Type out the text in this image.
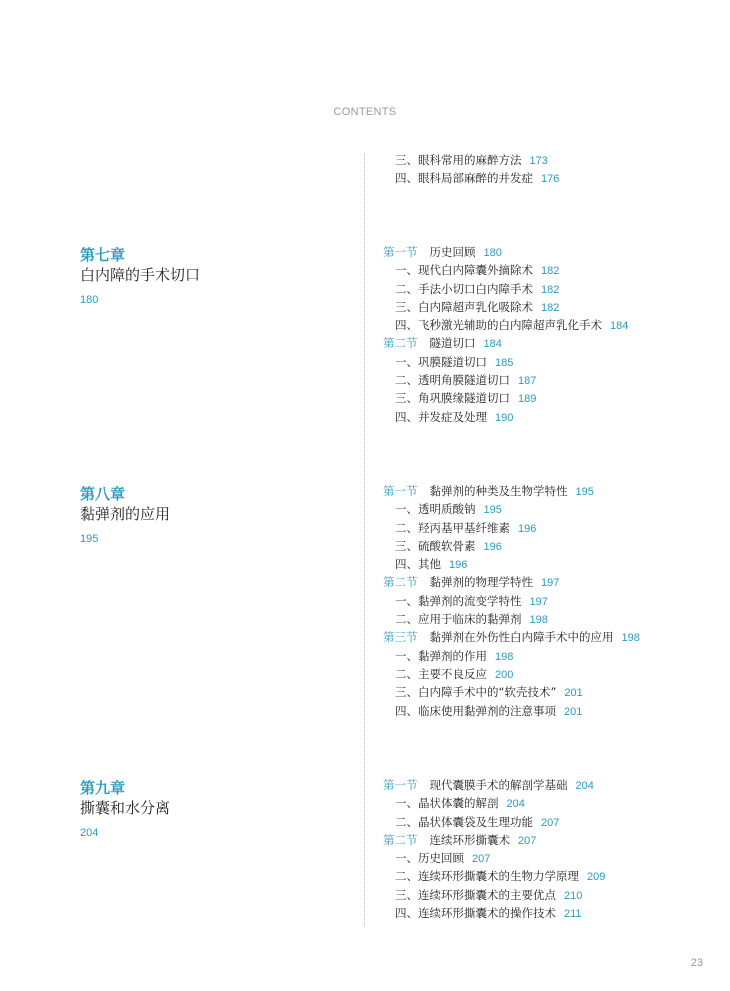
CONTENTS
三、眼科常用的麻醉方法 173
四、眼科局部麻醉的并发症 176
第七章
白内障的手术切口
180
第一节 历史回顾 180
一、现代白内障囊外摘除术 182
二、手法小切口白内障手术 182
三、白内障超声乳化吸除术 182
四、飞秒激光辅助的白内障超声乳化手术 184
第二节 隧道切口 184
一、巩膜隧道切口 185
二、透明角膜隧道切口 187
三、角巩膜缘隧道切口 189
四、并发症及处理 190
第八章
黏弹剂的应用
195
第一节 黏弹剂的种类及生物学特性 195
一、透明质酸钠 195
二、羟丙基甲基纤维素 196
三、硫酸软骨素 196
四、其他 196
第二节 黏弹剂的物理学特性 197
一、黏弹剂的流变学特性 197
二、应用于临床的黏弹剂 198
第三节 黏弹剂在外伤性白内障手术中的应用 198
一、黏弹剂的作用 198
二、主要不良反应 200
三、白内障手术中的“软壳技术” 201
四、临床使用黏弹剂的注意事项 201
第九章
撕囊和水分离
204
第一节 现代囊膜手术的解剖学基础 204
一、晶状体囊的解剖 204
二、晶状体囊袋及生理功能 207
第二节 连续环形撕囊术 207
一、历史回顾 207
二、连续环形撕囊术的生物力学原理 209
三、连续环形撕囊术的主要优点 210
四、连续环形撕囊术的操作技术 211
23
